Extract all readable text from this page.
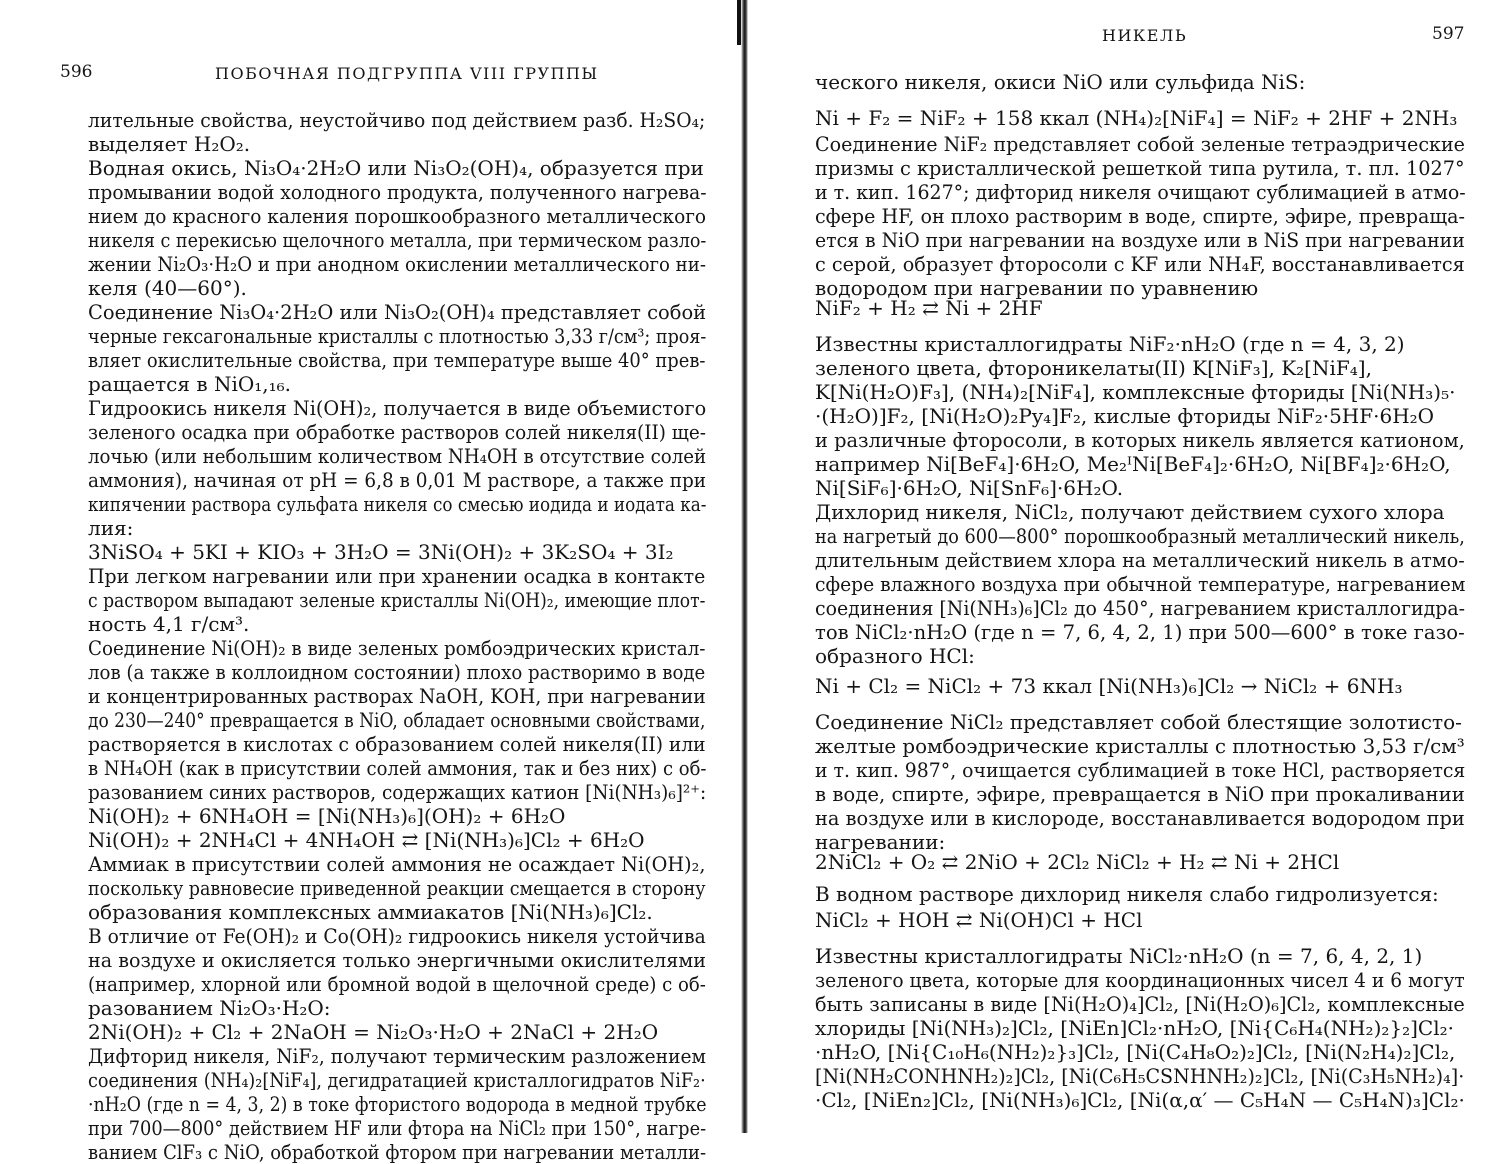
596	ПОБОЧНАЯ ПОДГРУППА VIII ГРУППЫ
лительные свойства, неустойчиво под действием разб. H₂SO₄;
выделяет H₂O₂.
Водная окись, Ni₃O₄·2H₂O или Ni₃O₂(OH)₄, образуется при
промывании водой холодного продукта, полученного нагрева-
нием до красного каления порошкообразного металлического
никеля с перекисью щелочного металла, при термическом разло-
жении Ni₂O₃·H₂O и при анодном окислении металлического ни-
келя (40—60°).
Соединение Ni₃O₄·2H₂O или Ni₃O₂(OH)₄ представляет собой
черные гексагональные кристаллы с плотностью 3,33 г/см³; проя-
вляет окислительные свойства, при температуре выше 40° прев-
ращается в NiO₁,₁₆.
Гидроокись никеля Ni(OH)₂, получается в виде объемистого
зеленого осадка при обработке растворов солей никеля(II) ще-
лочью (или небольшим количеством NH₄OH в отсутствие солей
аммония), начиная от pH = 6,8 в 0,01 M растворе, а также при
кипячении раствора сульфата никеля со смесью иодида и иодата ка-
лия:
3NiSO₄ + 5KI + KIO₃ + 3H₂O = 3Ni(OH)₂ + 3K₂SO₄ + 3I₂
При легком нагревании или при хранении осадка в контакте
с раствором выпадают зеленые кристаллы Ni(OH)₂, имеющие плот-
ность 4,1 г/см³.
Соединение Ni(OH)₂ в виде зеленых ромбоэдрических кристал-
лов (а также в коллоидном состоянии) плохо растворимо в воде
и концентрированных растворах NaOH, KOH, при нагревании
до 230—240° превращается в NiO, обладает основными свойствами,
растворяется в кислотах с образованием солей никеля(II) или
в NH₄OH (как в присутствии солей аммония, так и без них) с об-
разованием синих растворов, содержащих катион [Ni(NH₃)₆]²⁺:
Ni(OH)₂ + 6NH₄OH = [Ni(NH₃)₆](OH)₂ + 6H₂O
Ni(OH)₂ + 2NH₄Cl + 4NH₄OH ⇄ [Ni(NH₃)₆]Cl₂ + 6H₂O
Аммиак в присутствии солей аммония не осаждает Ni(OH)₂,
поскольку равновесие приведенной реакции смещается в сторону
образования комплексных аммиакатов [Ni(NH₃)₆]Cl₂.
В отличие от Fe(OH)₂ и Co(OH)₂ гидроокись никеля устойчива
на воздухе и окисляется только энергичными окислителями
(например, хлорной или бромной водой в щелочной среде) с об-
разованием Ni₂O₃·H₂O:
2Ni(OH)₂ + Cl₂ + 2NaOH = Ni₂O₃·H₂O + 2NaCl + 2H₂O
Дифторид никеля, NiF₂, получают термическим разложением
соединения (NH₄)₂[NiF₄], дегидратацией кристаллогидратов NiF₂·
·nH₂O (где n = 4, 3, 2) в токе фтористого водорода в медной трубке
при 700—800° действием HF или фтора на NiCl₂ при 150°, нагре-
ванием ClF₃ с NiO, обработкой фтором при нагревании металли-
НИКЕЛЬ	597
ческого никеля, окиси NiO или сульфида NiS:
Ni + F₂ = NiF₂ + 158 ккал (NH₄)₂[NiF₄] = NiF₂ + 2HF + 2NH₃
Соединение NiF₂ представляет собой зеленые тетраэдрические
призмы с кристаллической решеткой типа рутила, т. пл. 1027°
и т. кип. 1627°; дифторид никеля очищают сублимацией в атмо-
сфере HF, он плохо растворим в воде, спирте, эфире, превраща-
ется в NiO при нагревании на воздухе или в NiS при нагревании
с серой, образует фторосоли с KF или NH₄F, восстанавливается
водородом при нагревании по уравнению
NiF₂ + H₂ ⇄ Ni + 2HF
Известны кристаллогидраты NiF₂·nH₂O (где n = 4, 3, 2)
зеленого цвета, фторoникелаты(II) K[NiF₃], K₂[NiF₄],
K[Ni(H₂O)F₃], (NH₄)₂[NiF₄], комплексные фториды [Ni(NH₃)₅·
·(H₂O)]F₂, [Ni(H₂O)₂Py₄]F₂, кислые фториды NiF₂·5HF·6H₂O
и различные фторосоли, в которых никель является катионом,
например Ni[BeF₄]·6H₂O, Me₂ᴵNi[BeF₄]₂·6H₂O, Ni[BF₄]₂·6H₂O,
Ni[SiF₆]·6H₂O, Ni[SnF₆]·6H₂O.
Дихлорид никеля, NiCl₂, получают действием сухого хлора
на нагретый до 600—800° порошкообразный металлический никель,
длительным действием хлора на металлический никель в атмо-
сфере влажного воздуха при обычной температуре, нагреванием
соединения [Ni(NH₃)₆]Cl₂ до 450°, нагреванием кристаллогидра-
тов NiCl₂·nH₂O (где n = 7, 6, 4, 2, 1) при 500—600° в токе газо-
образного HCl:
Ni + Cl₂ = NiCl₂ + 73 ккал [Ni(NH₃)₆]Cl₂ → NiCl₂ + 6NH₃
Соединение NiCl₂ представляет собой блестящие золотисто-
желтые ромбоэдрические кристаллы с плотностью 3,53 г/см³
и т. кип. 987°, очищается сублимацией в токе HCl, растворяется
в воде, спирте, эфире, превращается в NiO при прокаливании
на воздухе или в кислороде, восстанавливается водородом при
нагревании:
2NiCl₂ + O₂ ⇄ 2NiO + 2Cl₂ NiCl₂ + H₂ ⇄ Ni + 2HCl
В водном растворе дихлорид никеля слабо гидролизуется:
NiCl₂ + HOH ⇄ Ni(OH)Cl + HCl
Известны кристаллогидраты NiCl₂·nH₂O (n = 7, 6, 4, 2, 1)
зеленого цвета, которые для координационных чисел 4 и 6 могут
быть записаны в виде [Ni(H₂O)₄]Cl₂, [Ni(H₂O)₆]Cl₂, комплексные
хлориды [Ni(NH₃)₂]Cl₂, [NiEn]Cl₂·nH₂O, [Ni{C₆H₄(NH₂)₂}₂]Cl₂·
·nH₂O, [Ni{C₁₀H₆(NH₂)₂}₃]Cl₂, [Ni(C₄H₈O₂)₂]Cl₂, [Ni(N₂H₄)₂]Cl₂,
[Ni(NH₂CONHNH₂)₂]Cl₂, [Ni(C₆H₅CSNHNH₂)₂]Cl₂, [Ni(C₃H₅NH₂)₄]·
·Cl₂, [NiEn₂]Cl₂, [Ni(NH₃)₆]Cl₂, [Ni(α,α′ — C₅H₄N — C₅H₄N)₃]Cl₂·
